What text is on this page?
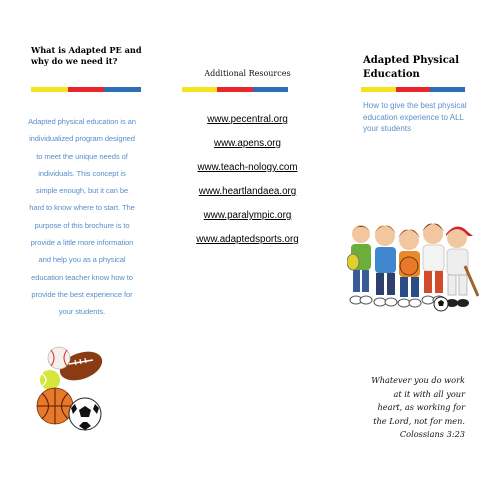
What is Adapted PE and why do we need it?
Adapted physical education is an
individualized program designed
to meet the unique needs of
individuals. This concept is
simple enough, but it can be
hard to know where to start. The
purpose of this brochure is to
provide a little more information
and help you as a physical
education teacher know how to
provide the best experience for
your students.
Additional Resources
www.pecentral.org
www.apens.org
www.teach-nology.com
www.heartlandaea.org
www.paralympic.org
www.adaptedsports.org
Adapted Physical Education
How to give the best physical education experience to ALL your students
Whatever you do work
at it with all your
heart, as working for
the Lord, not for men.
Colossians 3:23
